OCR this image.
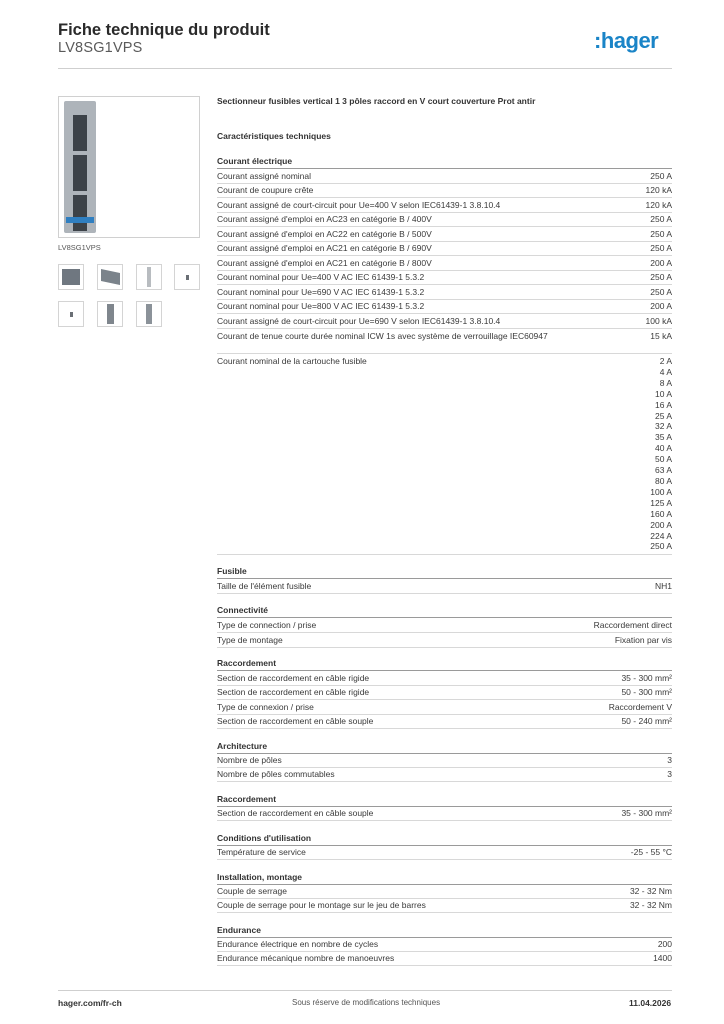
Fiche technique du produit
LV8SG1VPS	:hager
LV8SG1VPS
Sectionneur fusibles vertical 1 3 pôles raccord en V court couverture Prot antir
Caractéristiques techniques
Courant électrique
Courant assigné nominal	250 A
Courant de coupure crête	120 kA
Courant assigné de court-circuit pour Ue=400 V selon IEC61439-1 3.8.10.4	120 kA
Courant assigné d'emploi en AC23 en catégorie B / 400V	250 A
Courant assigné d'emploi en AC22 en catégorie B / 500V	250 A
Courant assigné d'emploi en AC21 en catégorie B / 690V	250 A
Courant assigné d'emploi en AC21 en catégorie B / 800V	200 A
Courant nominal pour Ue=400 V AC IEC 61439-1 5.3.2	250 A
Courant nominal pour Ue=690 V AC IEC 61439-1 5.3.2	250 A
Courant nominal pour Ue=800 V AC IEC 61439-1 5.3.2	200 A
Courant assigné de court-circuit pour Ue=690 V selon IEC61439-1 3.8.10.4	100 kA
Courant de tenue courte durée nominal ICW 1s avec système de verrouillage IEC60947	15 kA
Courant nominal de la cartouche fusible	2 A
4 A
8 A
10 A
16 A
25 A
32 A
35 A
40 A
50 A
63 A
80 A
100 A
125 A
160 A
200 A
224 A
250 A
Fusible
Taille de l'élément fusible	NH1
Connectivité
Type de connection / prise	Raccordement direct
Type de montage	Fixation par vis
Raccordement
Section de raccordement en câble rigide	35 - 300 mm²
Section de raccordement en câble rigide	50 - 300 mm²
Type de connexion / prise	Raccordement V
Section de raccordement en câble souple	50 - 240 mm²
Architecture
Nombre de pôles	3
Nombre de pôles commutables	3
Raccordement
Section de raccordement en câble souple	35 - 300 mm²
Conditions d'utilisation
Température de service	-25 - 55 °C
Installation, montage
Couple de serrage	32 - 32 Nm
Couple de serrage pour le montage sur le jeu de barres	32 - 32 Nm
Endurance
Endurance électrique en nombre de cycles	200
Endurance mécanique nombre de manoeuvres	1400
hager.com/fr-ch	Sous réserve de modifications techniques	11.04.2026
